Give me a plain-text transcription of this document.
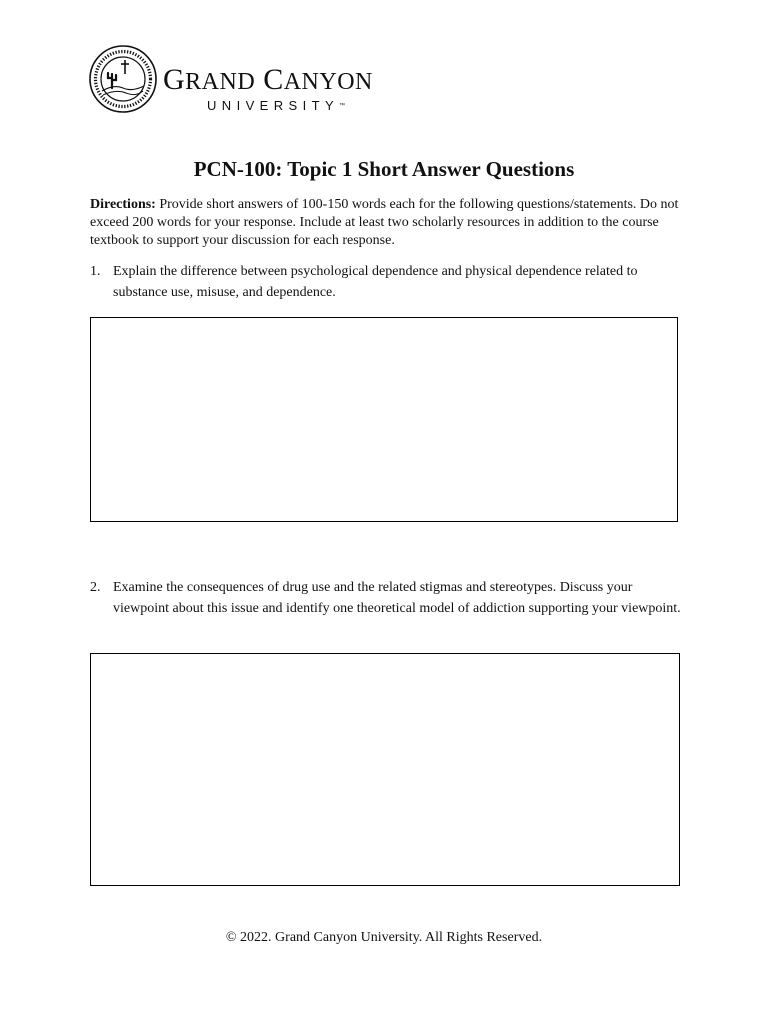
GRAND CANYON
UNIVERSITY™
PCN-100: Topic 1 Short Answer Questions
Directions: Provide short answers of 100-150 words each for the following questions/statements. Do not exceed 200 words for your response. Include at least two scholarly resources in addition to the course textbook to support your discussion for each response.
1. Explain the difference between psychological dependence and physical dependence related to substance use, misuse, and dependence.
2. Examine the consequences of drug use and the related stigmas and stereotypes. Discuss your viewpoint about this issue and identify one theoretical model of addiction supporting your viewpoint.
© 2022. Grand Canyon University. All Rights Reserved.
